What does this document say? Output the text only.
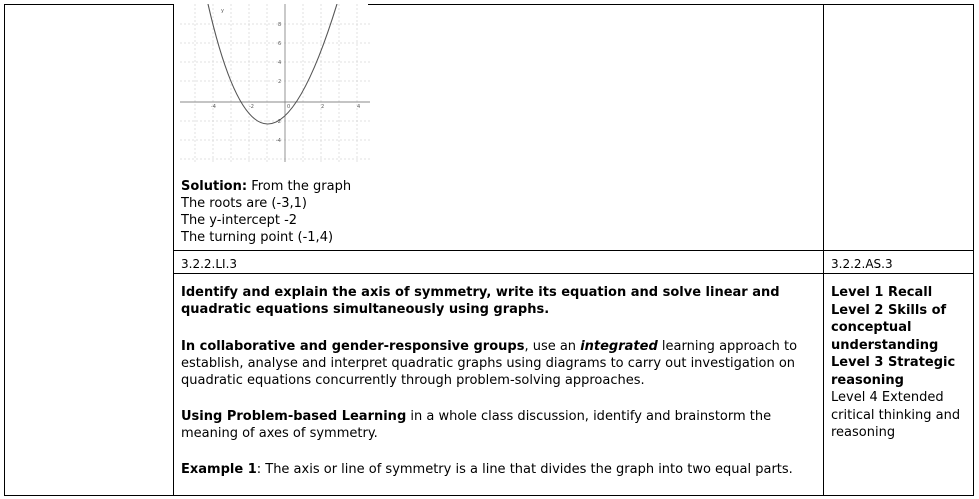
-4	-2	0	2	4
8
6
4
2
-2
-4
y
Solution: From the graph
The roots are (-3,1)
The y-intercept -2
The turning point (-1,4)
3.2.2.LI.3	3.2.2.AS.3
Identify and explain the axis of symmetry, write its equation and solve linear and quadratic equations simultaneously using graphs.
In collaborative and gender-responsive groups, use an integrated learning approach to establish, analyse and interpret quadratic graphs using diagrams to carry out investigation on quadratic equations concurrently through problem-solving approaches.
Using Problem-based Learning in a whole class discussion, identify and brainstorm the meaning of axes of symmetry.
Example 1: The axis or line of symmetry is a line that divides the graph into two equal parts.
Level 1 Recall
Level 2 Skills of conceptual understanding
Level 3 Strategic reasoning
Level 4 Extended critical thinking and reasoning
